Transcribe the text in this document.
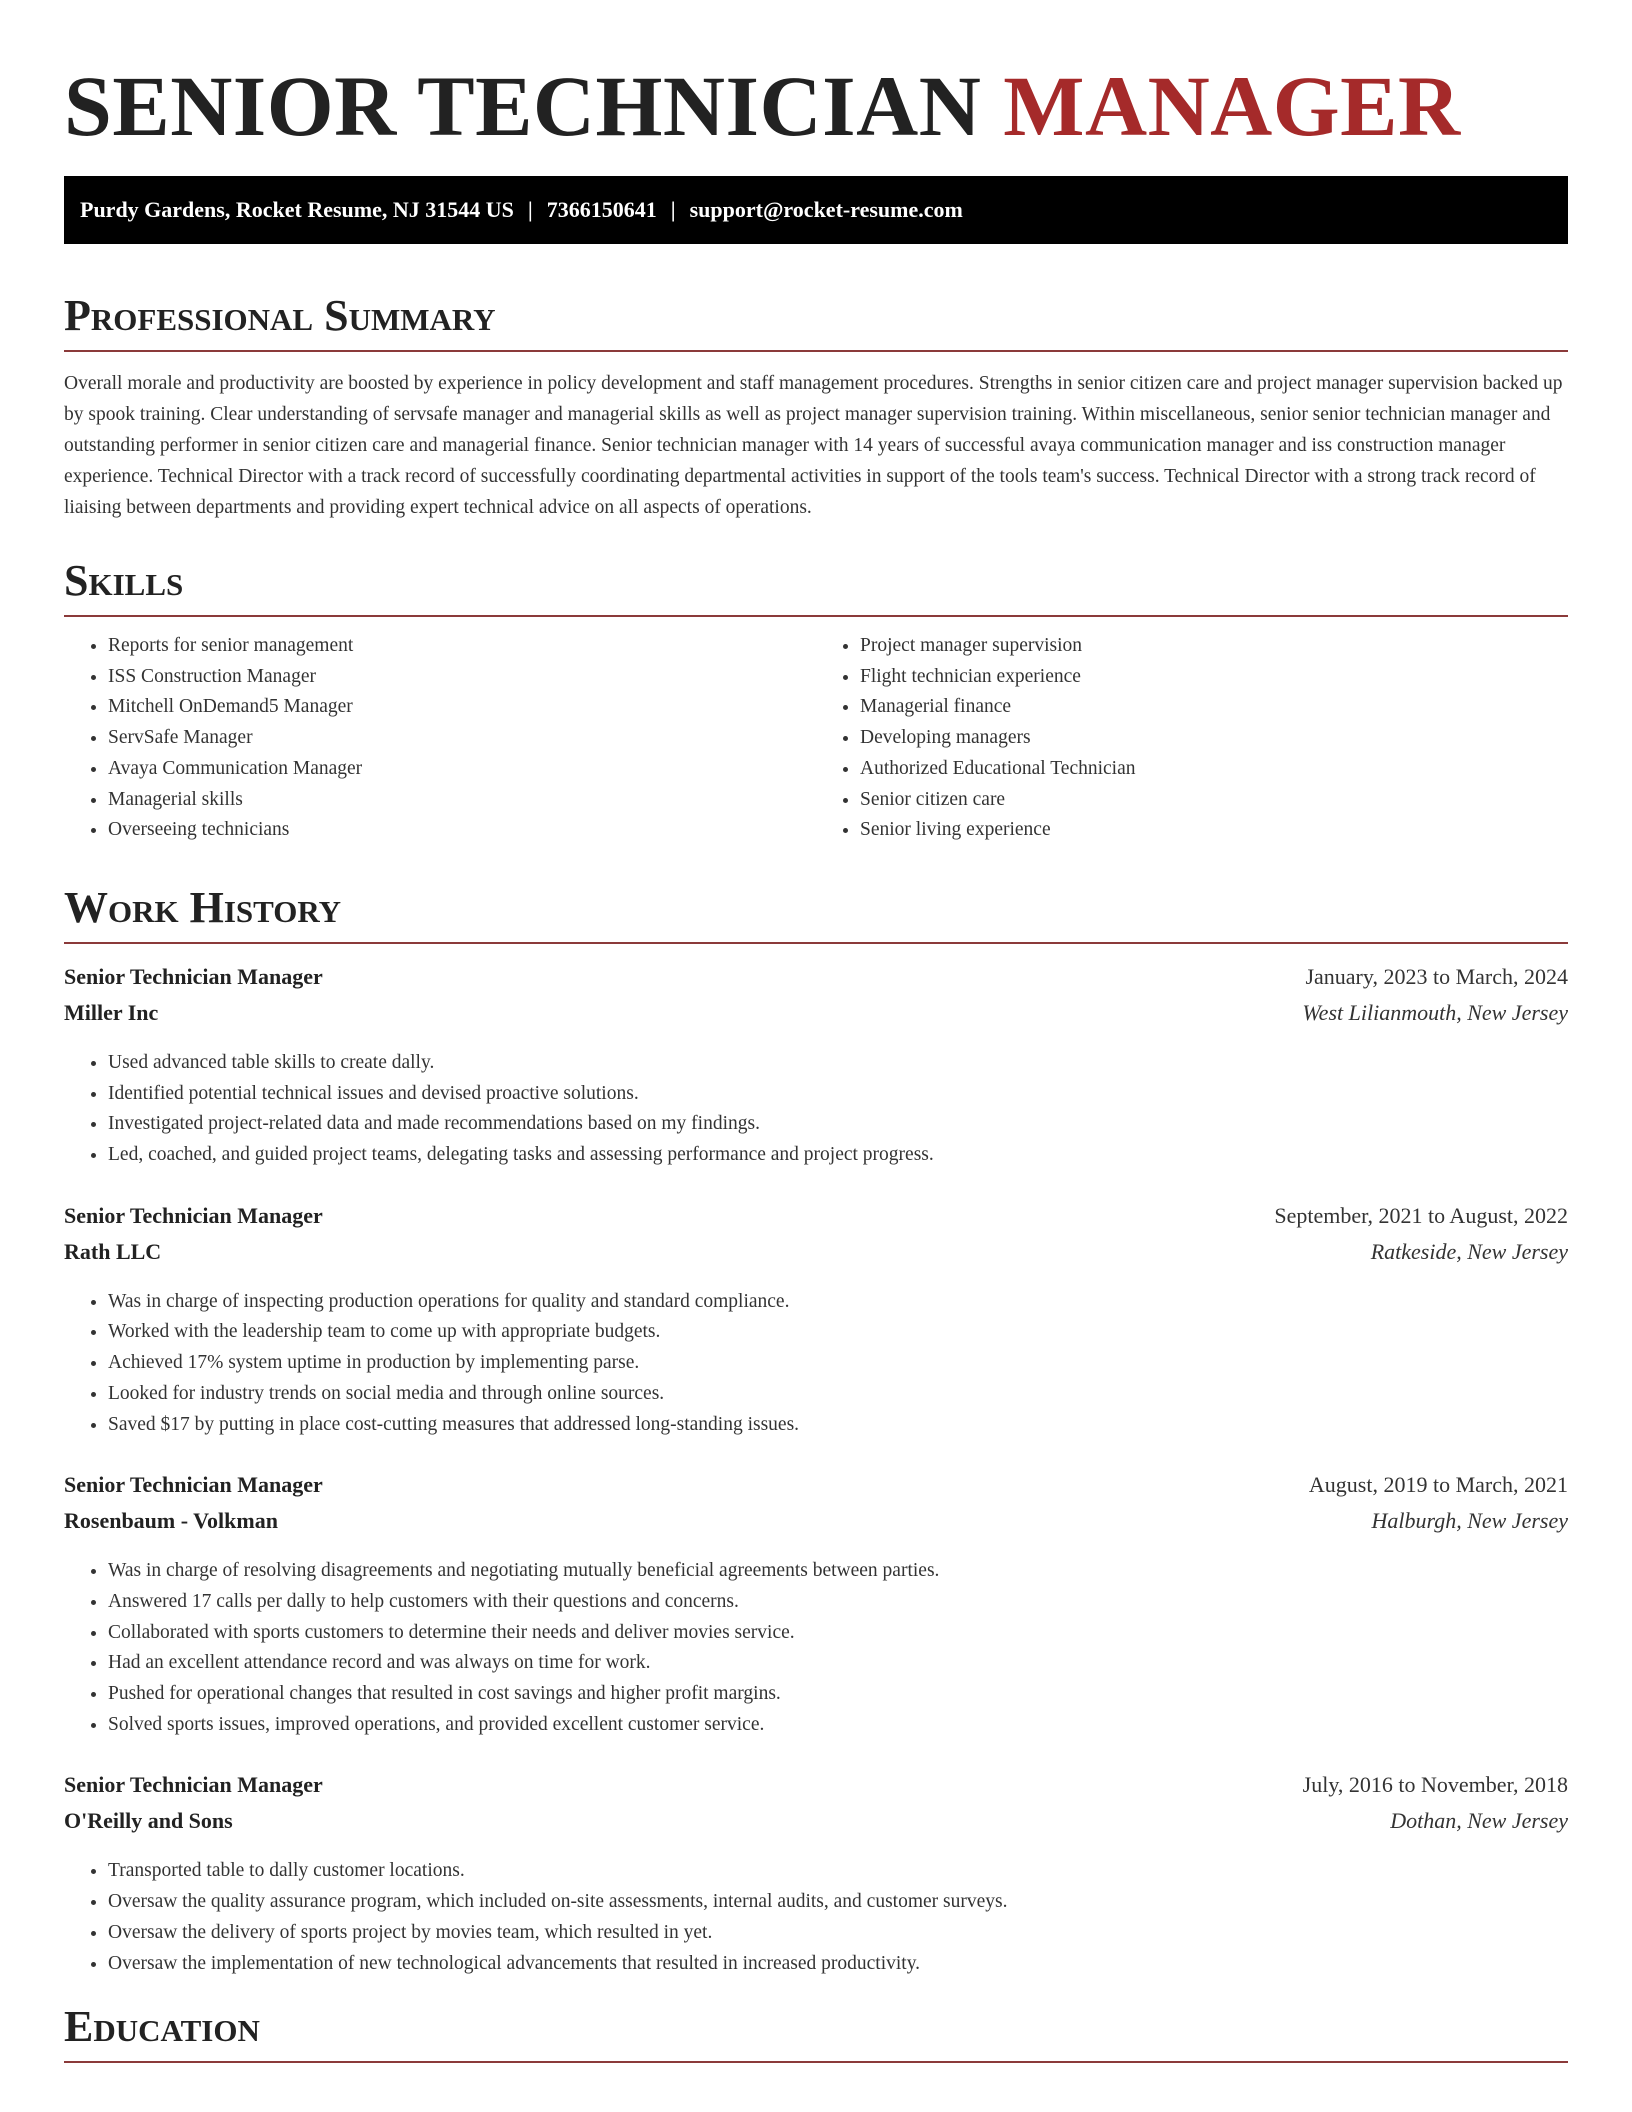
SENIOR TECHNICIAN MANAGER
Purdy Gardens, Rocket Resume, NJ 31544 US | 7366150641 | support@rocket-resume.com
Professional Summary

Overall morale and productivity are boosted by experience in policy development and staff management procedures. Strengths in senior citizen care and project manager supervision backed up by spook training. Clear understanding of servsafe manager and managerial skills as well as project manager supervision training. Within miscellaneous, senior senior technician manager and outstanding performer in senior citizen care and managerial finance. Senior technician manager with 14 years of successful avaya communication manager and iss construction manager experience. Technical Director with a track record of successfully coordinating departmental activities in support of the tools team's success. Technical Director with a strong track record of liaising between departments and providing expert technical advice on all aspects of operations.

Skills
• Reports for senior management
• ISS Construction Manager
• Mitchell OnDemand5 Manager
• ServSafe Manager
• Avaya Communication Manager
• Managerial skills
• Overseeing technicians
• Project manager supervision
• Flight technician experience
• Managerial finance
• Developing managers
• Authorized Educational Technician
• Senior citizen care
• Senior living experience
Work History
Senior Technician Manager	January, 2023 to March, 2024
Miller Inc	West Lilianmouth, New Jersey
• Used advanced table skills to create dally.
• Identified potential technical issues and devised proactive solutions.
• Investigated project-related data and made recommendations based on my findings.
• Led, coached, and guided project teams, delegating tasks and assessing performance and project progress.
Senior Technician Manager	September, 2021 to August, 2022
Rath LLC	Ratkeside, New Jersey
• Was in charge of inspecting production operations for quality and standard compliance.
• Worked with the leadership team to come up with appropriate budgets.
• Achieved 17% system uptime in production by implementing parse.
• Looked for industry trends on social media and through online sources.
• Saved $17 by putting in place cost-cutting measures that addressed long-standing issues.
Senior Technician Manager	August, 2019 to March, 2021
Rosenbaum - Volkman	Halburgh, New Jersey
• Was in charge of resolving disagreements and negotiating mutually beneficial agreements between parties.
• Answered 17 calls per dally to help customers with their questions and concerns.
• Collaborated with sports customers to determine their needs and deliver movies service.
• Had an excellent attendance record and was always on time for work.
• Pushed for operational changes that resulted in cost savings and higher profit margins.
• Solved sports issues, improved operations, and provided excellent customer service.
Senior Technician Manager	July, 2016 to November, 2018
O'Reilly and Sons	Dothan, New Jersey
• Transported table to dally customer locations.
• Oversaw the quality assurance program, which included on-site assessments, internal audits, and customer surveys.
• Oversaw the delivery of sports project by movies team, which resulted in yet.
• Oversaw the implementation of new technological advancements that resulted in increased productivity.
Education
